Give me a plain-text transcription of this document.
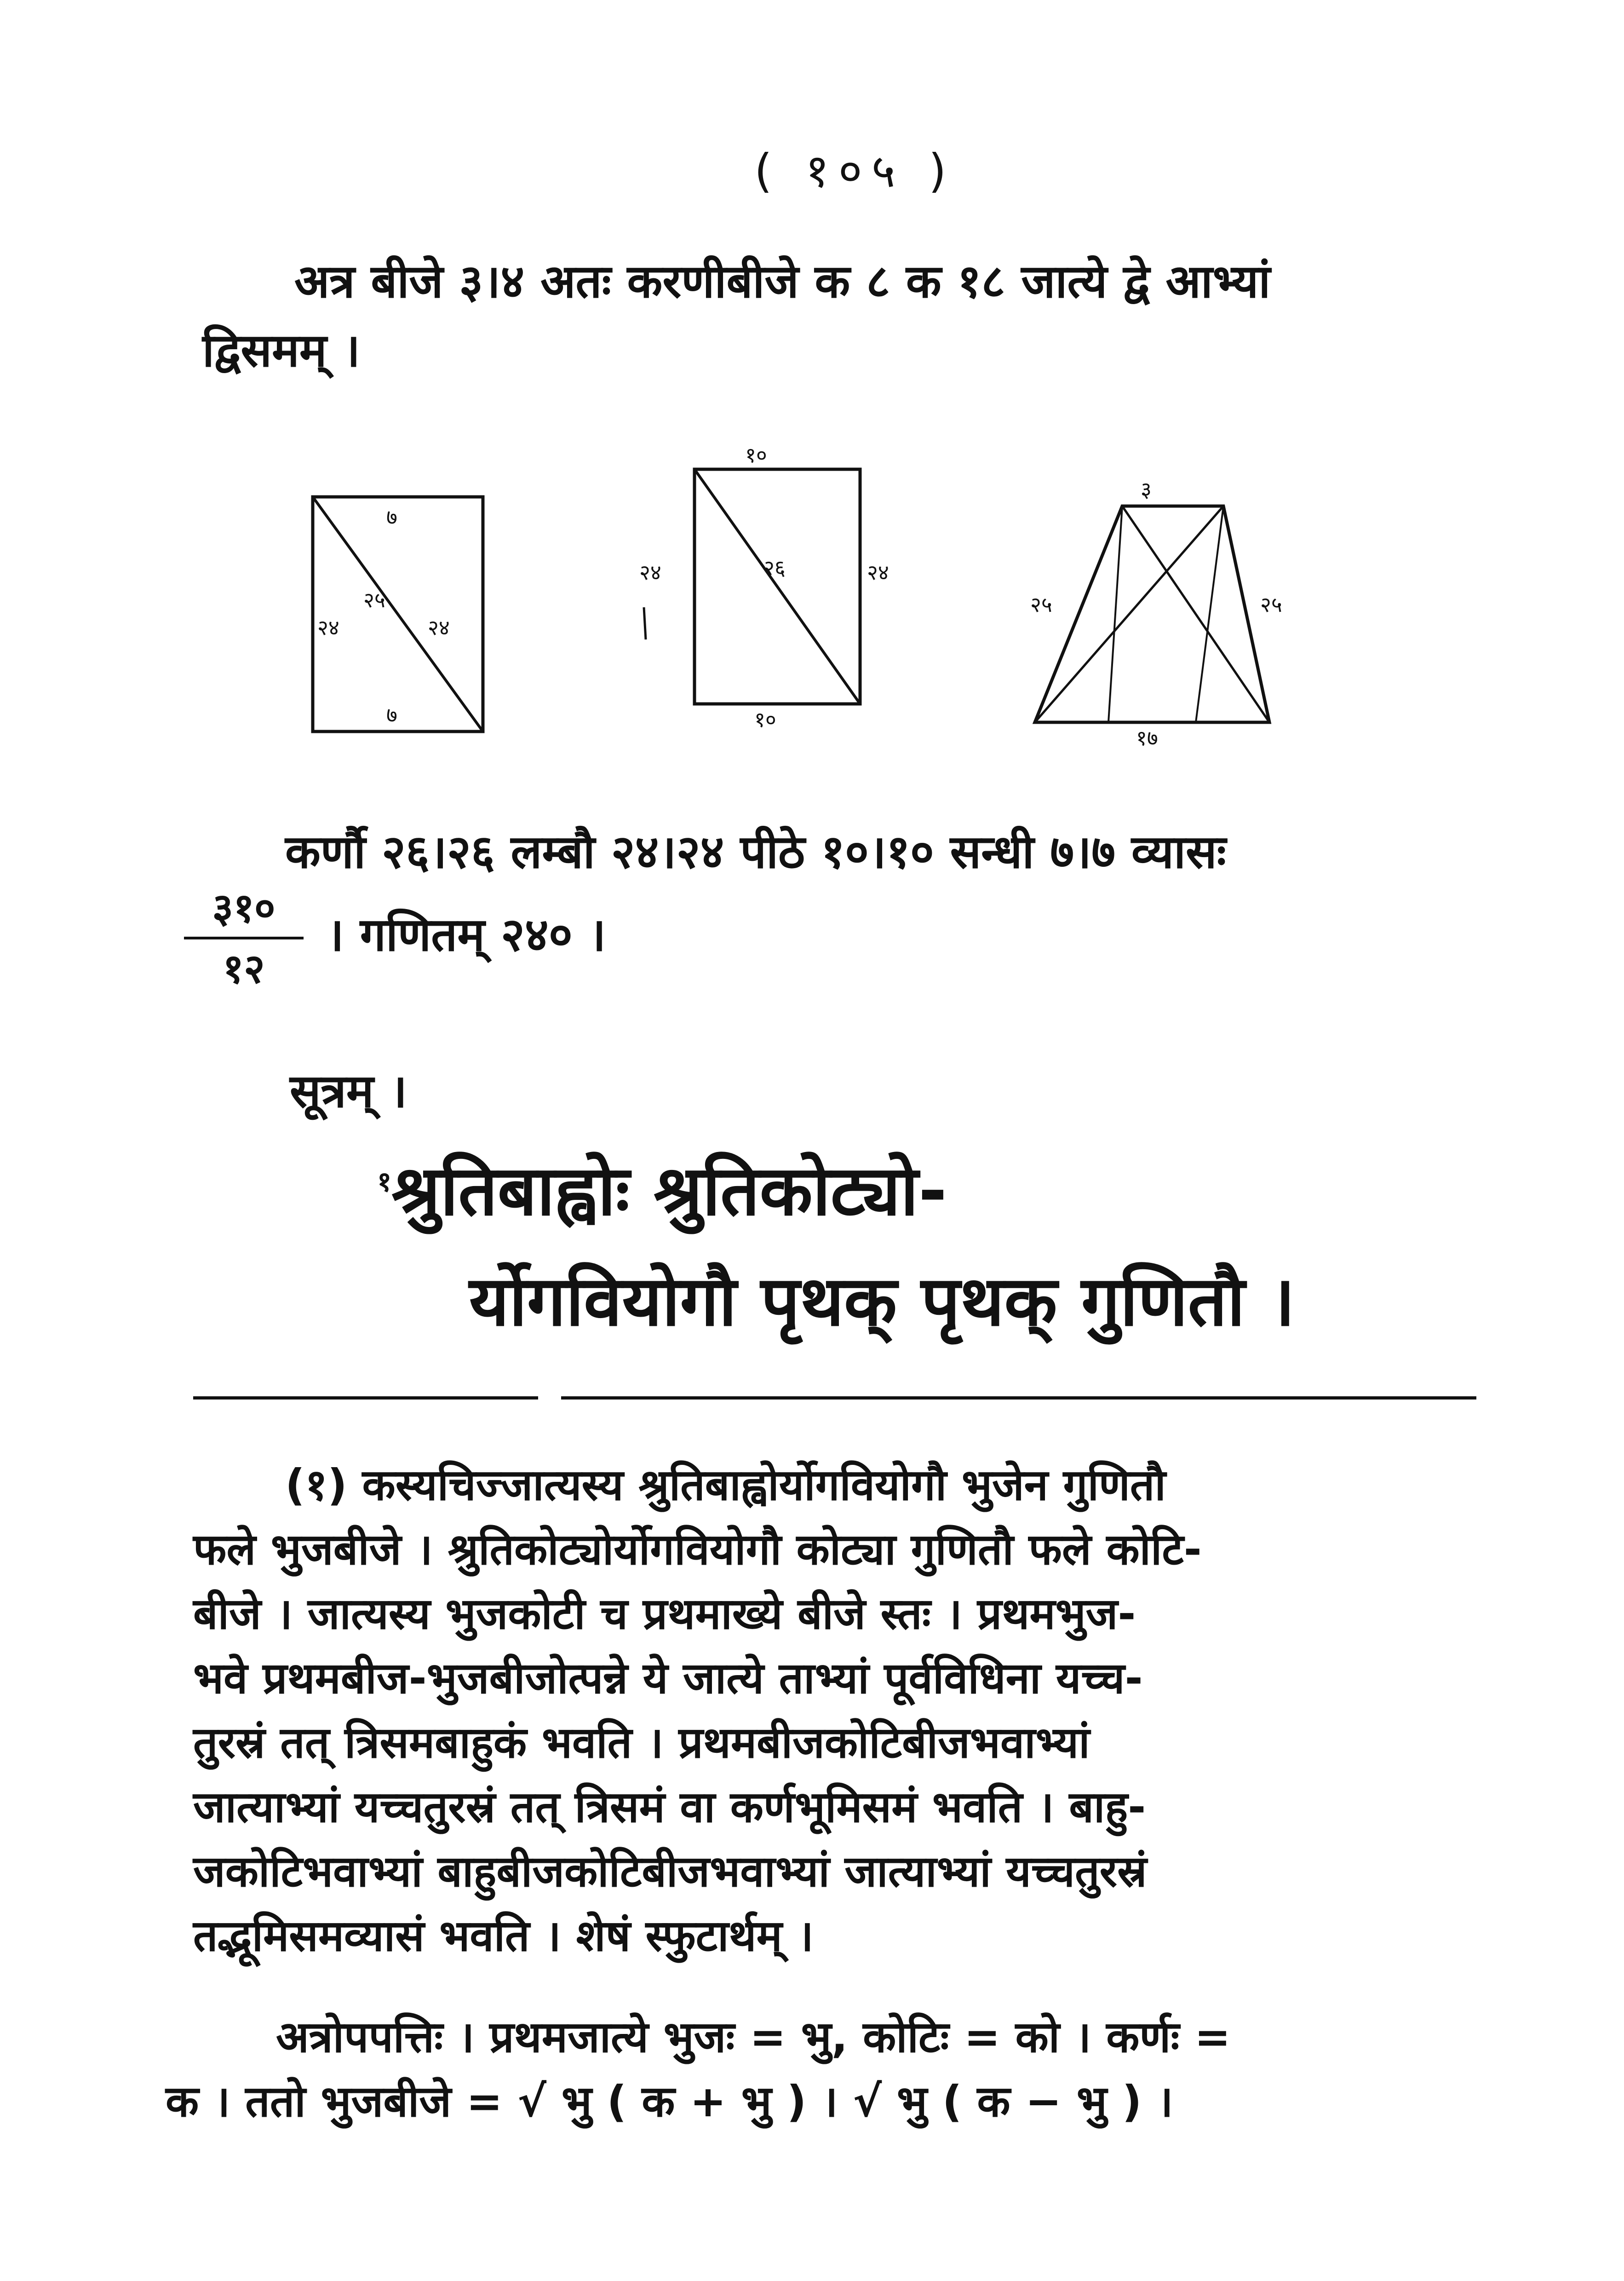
( १०५ )
अत्र बीजे ३।४ अतः करणीबीजे क ८ क १८ जात्ये द्वे आभ्यां
द्विसमम् ।
७
७
२४	२४
२५
१०
२४	२४
२६
१०
३
२५	२५
१७
कर्णौ २६।२६ लम्बौ २४।२४ पीठे १०।१० सन्धी ७।७ व्यासः
३१०
१२
। गणितम् २४० ।
सूत्रम् ।
$^१$श्रुतिबाह्वोः श्रुतिकोट्यो-
र्योगवियोगौ पृथक् पृथक् गुणितौ ।
(१) कस्यचिज्जात्यस्य श्रुतिबाह्वोर्योगवियोगौ भुजेन गुणितौ
फले भुजबीजे । श्रुतिकोट्योर्योगवियोगौ कोट्या गुणितौ फले कोटि-
बीजे । जात्यस्य भुजकोटी च प्रथमाख्ये बीजे स्तः । प्रथमभुज-
भवे प्रथमबीज-भुजबीजोत्पन्ने ये जात्ये ताभ्यां पूर्वविधिना यच्च-
तुरस्रं तत् त्रिसमबाहुकं भवति । प्रथमबीजकोटिबीजभवाभ्यां
जात्याभ्यां यच्चतुरस्रं तत् त्रिसमं वा कर्णभूमिसमं भवति । बाहु-
जकोटिभवाभ्यां बाहुबीजकोटिबीजभवाभ्यां जात्याभ्यां यच्चतुरस्रं
तद्भूमिसमव्यासं भवति । शेषं स्फुटार्थम् ।
अत्रोपपत्तिः । प्रथमजात्ये भुजः = भु, कोटिः = को । कर्णः =
क । ततो भुजबीजे = √ भु ( क + भु ) । √ भु ( क − भु ) ।
